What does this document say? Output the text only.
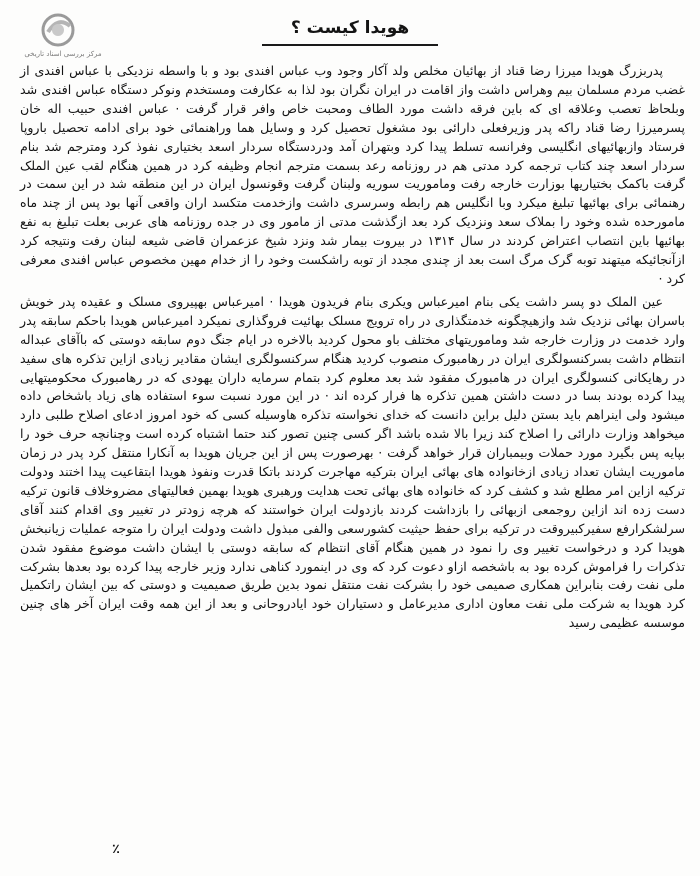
مرکز بررسی اسناد تاریخی
هویدا کیست ؟

پدربزرگ هویدا میرزا رضا قناد از بهائیان مخلص ولد آکار وجود وب عباس افندی بود و با واسطه نزدیکی با عباس افندی از غضب مردم مسلمان بیم وهراس داشت واز اقامت در ایران نگران بود لذا به عکارفت ومستخدم ونوکر دستگاه عباس افندی شد وبلحاظ تعصب وعلاقه ای که باین فرقه داشت مورد الطاف ومحبت خاص وافر قرار گرفت · عباس افندی حبیب اله خان پسرمیرزا رضا قناد راکه پدر وزیرفعلی دارائی بود مشغول تحصیل کرد و وسایل هما وراهنمائی خود برای ادامه تحصیل باروپا فرستاد وازبهائیهای انگلیسی وفرانسه تسلط پیدا کرد وبتهران آمد ودردستگاه سردار اسعد بختیاری نفوذ کرد ومترجم شد بنام سردار اسعد چند کتاب ترجمه کرد مدتی هم در روزنامه رعد بسمت مترجم انجام وظیفه کرد در همین هنگام لقب عین الملک گرفت باکمک بختیاریها بوزارت خارجه رفت وماموریت سوریه ولبنان گرفت وقونسول ایران در این منطقه شد در این سمت در رهنمائی برای بهائیها تبلیغ میکرد وبا انگلیس هم رابطه وسرسری داشت وازخدمت متکسد اران واقعی آنها بود پس از چند ماه مامورحده شده وخود را بملاک سعد ونزدیک کرد بعد ازگذشت مدتی از مامور وی در جده روزنامه های عربی بعلت تبلیغ به نفع بهائیها باین انتصاب اعتراض کردند در سال ۱۳۱۴ در بیروت بیمار شد ونزد شیخ عزعمران قاضی شیعه لبنان رفت ونتیجه کرد ازآنجائیکه میتهند توبه گرک مرگ است بعد از چندی مجدد از توبه راشکست وخود را از خدام مهین مخصوص عباس افندی معرفی کرد ·

عین الملک دو پسر داشت یکی بنام امیرعباس ویکری بنام فریدون هویدا · امیرعباس بهپیروی مسلک و عقیده پدر خویش باسران بهائی نزدیک شد وازهیچگونه خدمتگذاری در راه ترویج مسلک بهائیت فروگذاری نمیکرد امیرعباس هویدا باحکم سابقه پدر وارد خدمت در وزارت خارجه شد وماموریتهای مختلف باو محول کردید بالاخره در ایام جنگ دوم سابقه دوستی که باآقای عبداله انتظام داشت بسرکنسولگری ایران در رهامبورک منصوب کردید هنگام سرکنسولگری ایشان مقادیر زیادی ازاین تذکره های سفید در رهایکانی کنسولگری ایران در هامبورک مفقود شد بعد معلوم کرد بتمام سرمایه داران یهودی که در رهامبورک محکومیتهایی پیدا کرده بودند بسا در دست داشتن همین تذکره ها فرار کرده اند · در این مورد نسبت سوء استفاده های زیاد باشخاص داده میشود ولی اینراهم باید بستن دلیل براین دانست که خدای نخواسته تذکره هاوسیله کسی که خود امروز ادعای اصلاح طلبی دارد میخواهد وزارت دارائی را اصلاح کند زیرا بالا شده باشد اگر کسی چنین تصور کند حتما اشتباه کرده است وچنانچه حرف خود را بپایه پس بگیرد مورد حملات وبیمباران قرار خواهد گرفت · بهرصورت پس از این جریان هویدا به آنکارا منتقل کرد پدر در زمان ماموریت ایشان تعداد زیادی ازخانواده های بهائی ایران بترکیه مهاجرت کردند باتکا قدرت ونفوذ هویدا ابتقاعیت پیدا اختند ودولت ترکیه ازاین امر مطلع شد و کشف کرد که خانواده های بهائی تحت هدایت ورهبری هویدا بهمین فعالیتهای مضروخلاف قانون ترکیه دست زده اند ازاین روجمعی ازبهائی را بازداشت کردند بازدولت ایران خواستند که هرچه زودتر در تغییر وی اقدام کنند آقای سرلشکرارفع سفیرکبیروقت در ترکیه برای حفظ حیثیت کشورسعی والفی مبذول داشت ودولت ایران را متوجه عملیات زیانبخش هویدا کرد و درخواست تغییر وی را نمود در همین هنگام آقای انتظام که سابقه دوستی با ایشان داشت موضوع مفقود شدن تذکرات را فراموش کرده بود به باشخصه ازاو دعوت کرد که وی در اینمورد کناهی ندارد وزیر خارجه پیدا کرده بود بعدها بشرکت ملی نفت رفت بنابراین همکاری صمیمی خود را بشرکت نفت منتقل نمود بدین طریق صمیمیت و دوستی که بین ایشان راتکمیل کرد هویدا به شرکت ملی نفت معاون اداری مدیرعامل و دستیاران خود ایادروحانی و بعد از این همه وقت ایران آخر های چنین موسسه عظیمی رسید

٪
